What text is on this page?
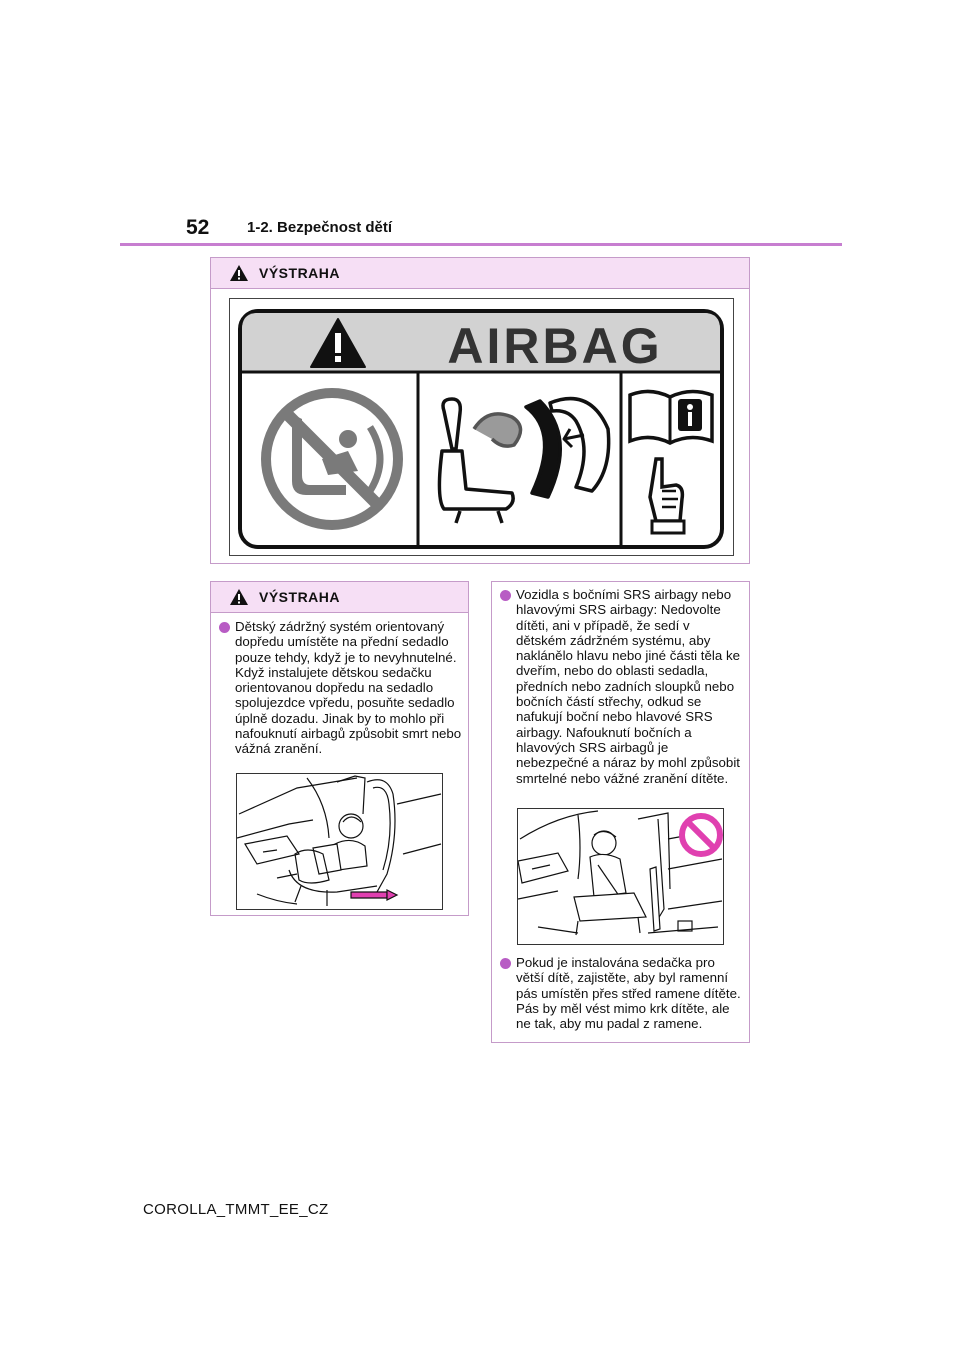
52	1-2. Bezpečnost dětí
VÝSTRAHA
AIRBAG
VÝSTRAHA
Dětský zádržný systém orientovaný dopředu umístěte na přední sedadlo pouze tehdy, když je to nevyhnutelné. Když instalujete dětskou sedačku orientovanou dopředu na sedadlo spolujezdce vpředu, posuňte sedadlo úplně dozadu. Jinak by to mohlo při nafouknutí airbagů způsobit smrt nebo vážná zranění.
Vozidla s bočními SRS airbagy nebo hlavovými SRS airbagy: Nedovolte dítěti, ani v případě, že sedí v dětském zádržném systému, aby naklánělo hlavu nebo jiné části těla ke dveřím, nebo do oblasti sedadla, předních nebo zadních sloupků nebo bočních částí střechy, odkud se nafukují boční nebo hlavové SRS airbagy. Nafouknutí bočních a hlavových SRS airbagů je nebezpečné a náraz by mohl způsobit smrtelné nebo vážné zranění dítěte.
Pokud je instalována sedačka pro větší dítě, zajistěte, aby byl ramenní pás umístěn přes střed ramene dítěte. Pás by měl vést mimo krk dítěte, ale ne tak, aby mu padal z ramene.
COROLLA_TMMT_EE_CZ
